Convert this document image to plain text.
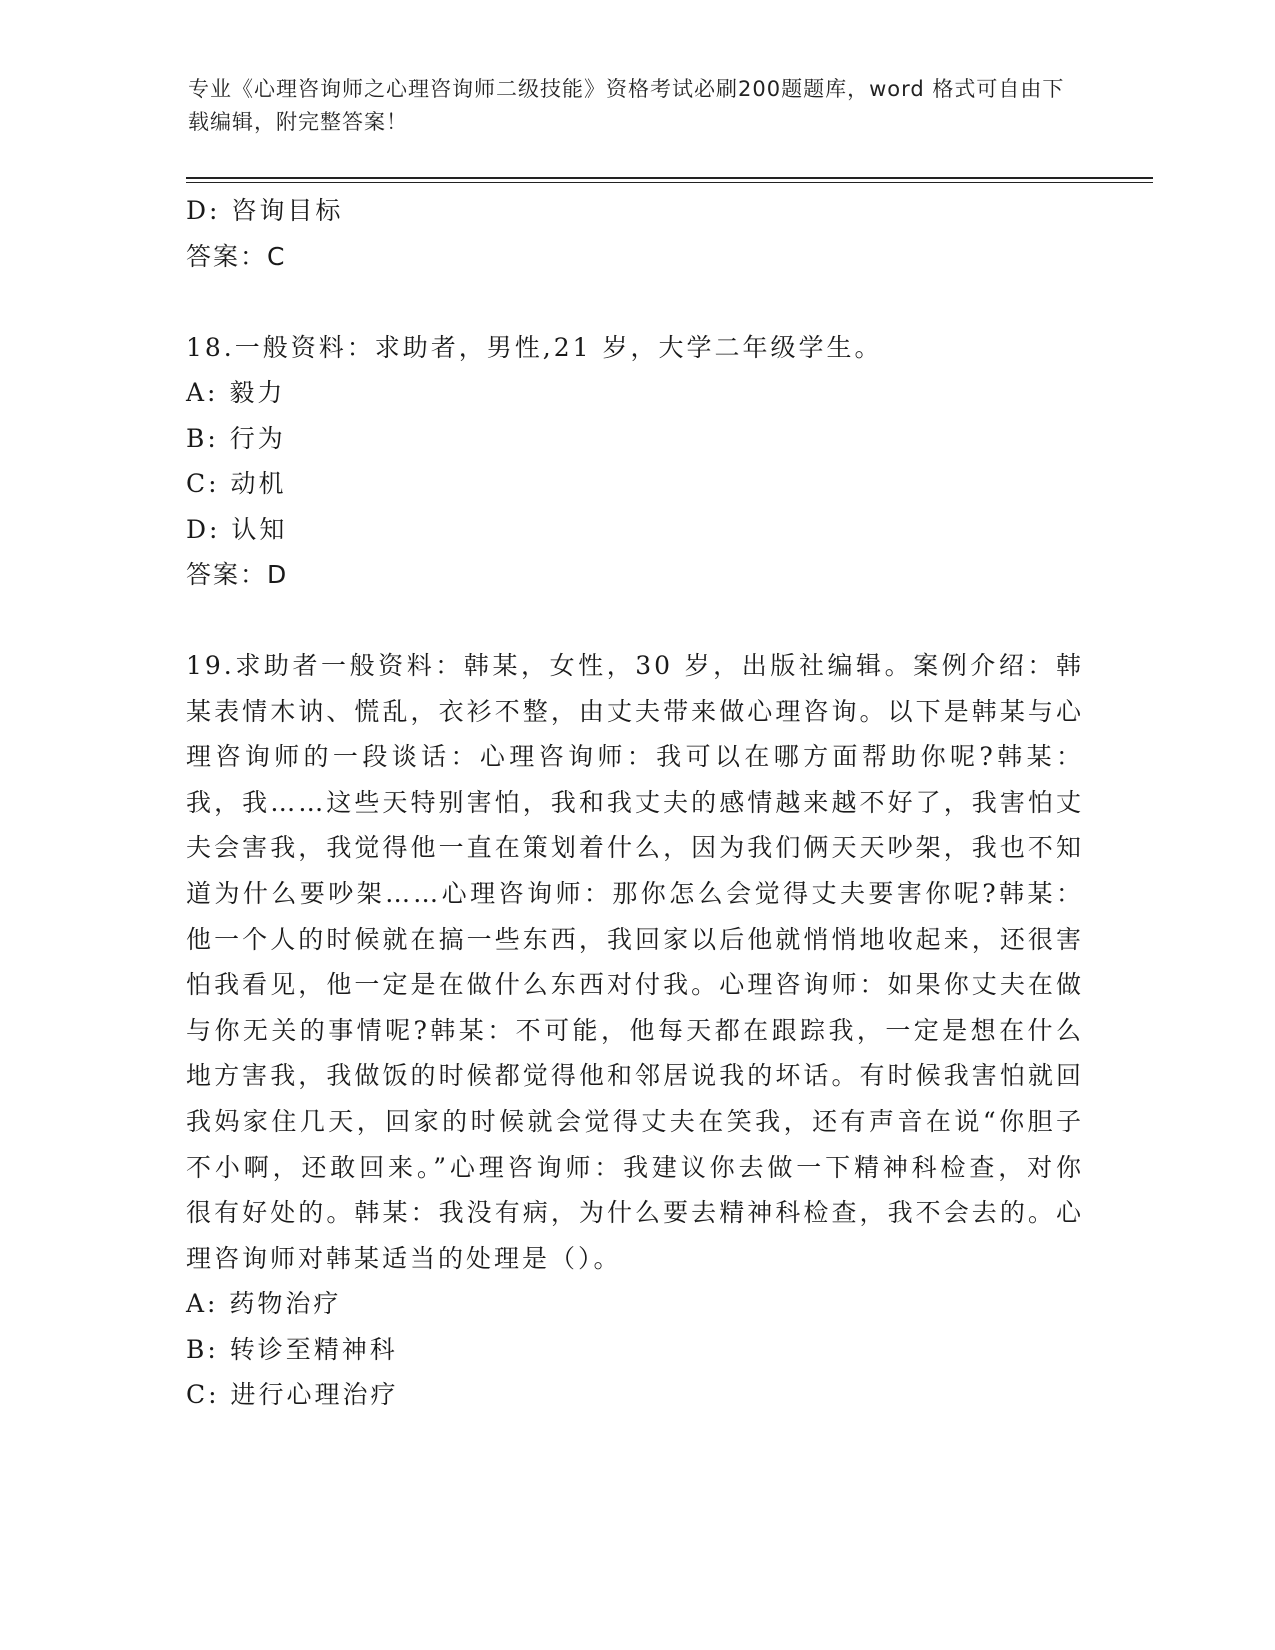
专业《心理咨询师之心理咨询师二级技能》资格考试必刷200题题库，word 格式可自由下载编辑，附完整答案！
D: 咨询目标
答案：C
18.一般资料：求助者，男性,21 岁，大学二年级学生。
A: 毅力
B: 行为
C: 动机
D: 认知
答案：D
19.求助者一般资料：韩某，女性，30 岁，出版社编辑。案例介绍：韩某表情木讷、慌乱，衣衫不整，由丈夫带来做心理咨询。以下是韩某与心理咨询师的一段谈话：心理咨询师：我可以在哪方面帮助你呢?韩某：我，我……这些天特别害怕，我和我丈夫的感情越来越不好了，我害怕丈夫会害我，我觉得他一直在策划着什么，因为我们俩天天吵架，我也不知道为什么要吵架……心理咨询师：那你怎么会觉得丈夫要害你呢?韩某：他一个人的时候就在搞一些东西，我回家以后他就悄悄地收起来，还很害怕我看见，他一定是在做什么东西对付我。心理咨询师：如果你丈夫在做与你无关的事情呢?韩某：不可能，他每天都在跟踪我，一定是想在什么地方害我，我做饭的时候都觉得他和邻居说我的坏话。有时候我害怕就回我妈家住几天，回家的时候就会觉得丈夫在笑我，还有声音在说“你胆子不小啊，还敢回来。”心理咨询师：我建议你去做一下精神科检查，对你很有好处的。韩某：我没有病，为什么要去精神科检查，我不会去的。心理咨询师对韩某适当的处理是（）。
A: 药物治疗
B: 转诊至精神科
C: 进行心理治疗
